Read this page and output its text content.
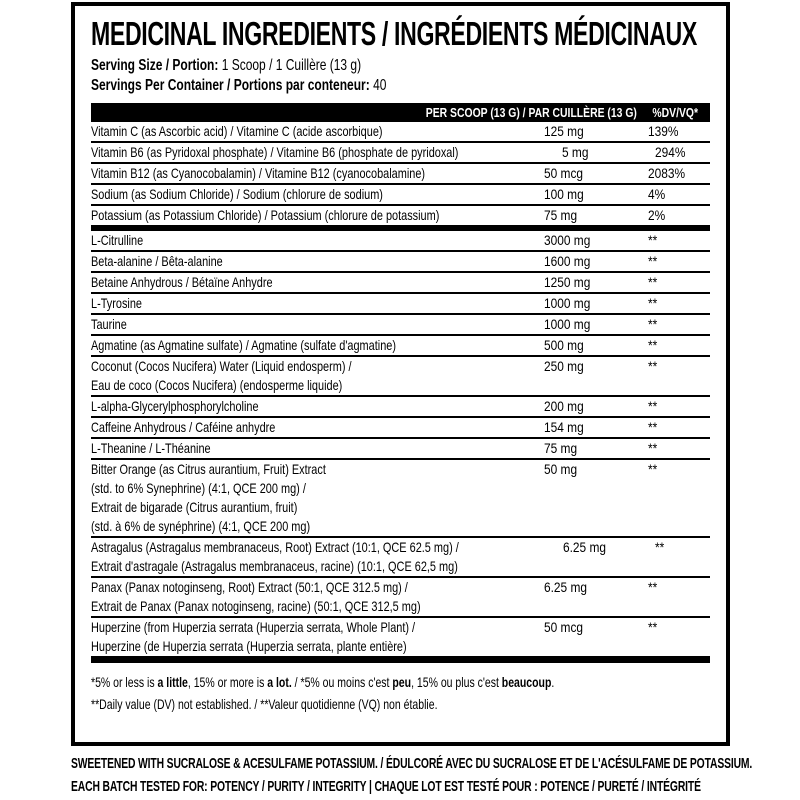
MEDICINAL INGREDIENTS / INGRÉDIENTS MÉDICINAUX
Serving Size / Portion: 1 Scoop / 1 Cuillère (13 g)
Servings Per Container / Portions par conteneur: 40
PER SCOOP (13 G) / PAR CUILLÈRE (13 G) %DV/VQ*
Vitamin C (as Ascorbic acid) / Vitamine C (acide ascorbique)	125 mg	139%
Vitamin B6 (as Pyridoxal phosphate) / Vitamine B6 (phosphate de pyridoxal)	5 mg	294%
Vitamin B12 (as Cyanocobalamin) / Vitamine B12 (cyanocobalamine)	50 mcg	2083%
Sodium (as Sodium Chloride) / Sodium (chlorure de sodium)	100 mg	4%
Potassium (as Potassium Chloride) / Potassium (chlorure de potassium)	75 mg	2%
L-Citrulline	3000 mg	**
Beta-alanine / Bêta-alanine	1600 mg	**
Betaine Anhydrous / Bétaïne Anhydre	1250 mg	**
L-Tyrosine	1000 mg	**
Taurine	1000 mg	**
Agmatine (as Agmatine sulfate) / Agmatine (sulfate d'agmatine)	500 mg	**
Coconut (Cocos Nucifera) Water (Liquid endosperm) /
Eau de coco (Cocos Nucifera) (endosperme liquide)
250 mg	**
L-alpha-Glycerylphosphorylcholine	200 mg	**
Caffeine Anhydrous / Caféine anhydre	154 mg	**
L-Theanine / L-Théanine	75 mg	**
Bitter Orange (as Citrus aurantium, Fruit) Extract
(std. to 6% Synephrine) (4:1, QCE 200 mg) /
Extrait de bigarade (Citrus aurantium, fruit)
(std. à 6% de synéphrine) (4:1, QCE 200 mg)
50 mg	**
Astragalus (Astragalus membranaceus, Root) Extract (10:1, QCE 62.5 mg) /
Extrait d'astragale (Astragalus membranaceus, racine) (10:1, QCE 62,5 mg)
6.25 mg	**
Panax (Panax notoginseng, Root) Extract (50:1, QCE 312.5 mg) /
Extrait de Panax (Panax notoginseng, racine) (50:1, QCE 312,5 mg)
6.25 mg	**
Huperzine (from Huperzia serrata (Huperzia serrata, Whole Plant) /
Huperzine (de Huperzia serrata (Huperzia serrata, plante entière)
50 mcg	**
*5% or less is a little, 15% or more is a lot. / *5% ou moins c'est peu, 15% ou plus c'est beaucoup.
**Daily value (DV) not established. / **Valeur quotidienne (VQ) non établie.
SWEETENED WITH SUCRALOSE & ACESULFAME POTASSIUM. / ÉDULCORÉ AVEC DU SUCRALOSE ET DE L'ACÉSULFAME DE POTASSIUM.
EACH BATCH TESTED FOR: POTENCY / PURITY / INTEGRITY | CHAQUE LOT EST TESTÉ POUR : POTENCE / PURETÉ / INTÉGRITÉ
